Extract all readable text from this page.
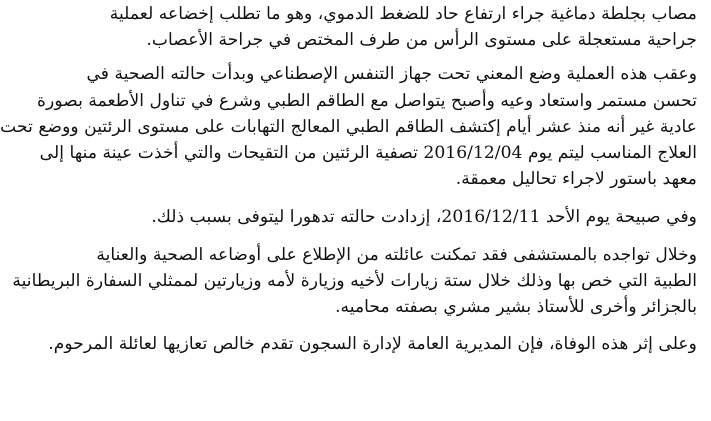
مصاب بجلطة دماغية جراء ارتفاع حاد للضغط الدموي، وهو ما تطلب إخضاعه لعملية
جراحية مستعجلة على مستوى الرأس من طرف المختص في جراحة الأعصاب.

وعقب هذه العملية وضع المعني تحت جهاز التنفس الإصطناعي وبدأت حالته الصحية في
تحسن مستمر واستعاد وعيه وأصبح يتواصل مع الطاقم الطبي وشرع في تناول الأطعمة بصورة
عادية غير أنه منذ عشر أيام إكتشف الطاقم الطبي المعالج التهابات على مستوى الرئتين ووضع تحت
العلاج المناسب ليتم يوم 2016/12/04 تصفية الرئتين من التقيحات والتي أخذت عينة منها إلى
معهد باستور لاجراء تحاليل معمقة.

وفي صبيحة يوم الأحد 2016/12/11، إزدادت حالته تدهورا ليتوفى بسبب ذلك.

وخلال تواجده بالمستشفى فقد تمكنت عائلته من الإطلاع على أوضاعه الصحية والعناية
الطبية التي خص بها وذلك خلال ستة زيارات لأخيه وزيارة لأمه وزيارتين لممثلي السفارة البريطانية
بالجزائر وأخرى للأستاذ بشير مشري بصفته محاميه.

وعلى إثر هذه الوفاة، فإن المديرية العامة لإدارة السجون تقدم خالص تعازيها لعائلة المرحوم.
